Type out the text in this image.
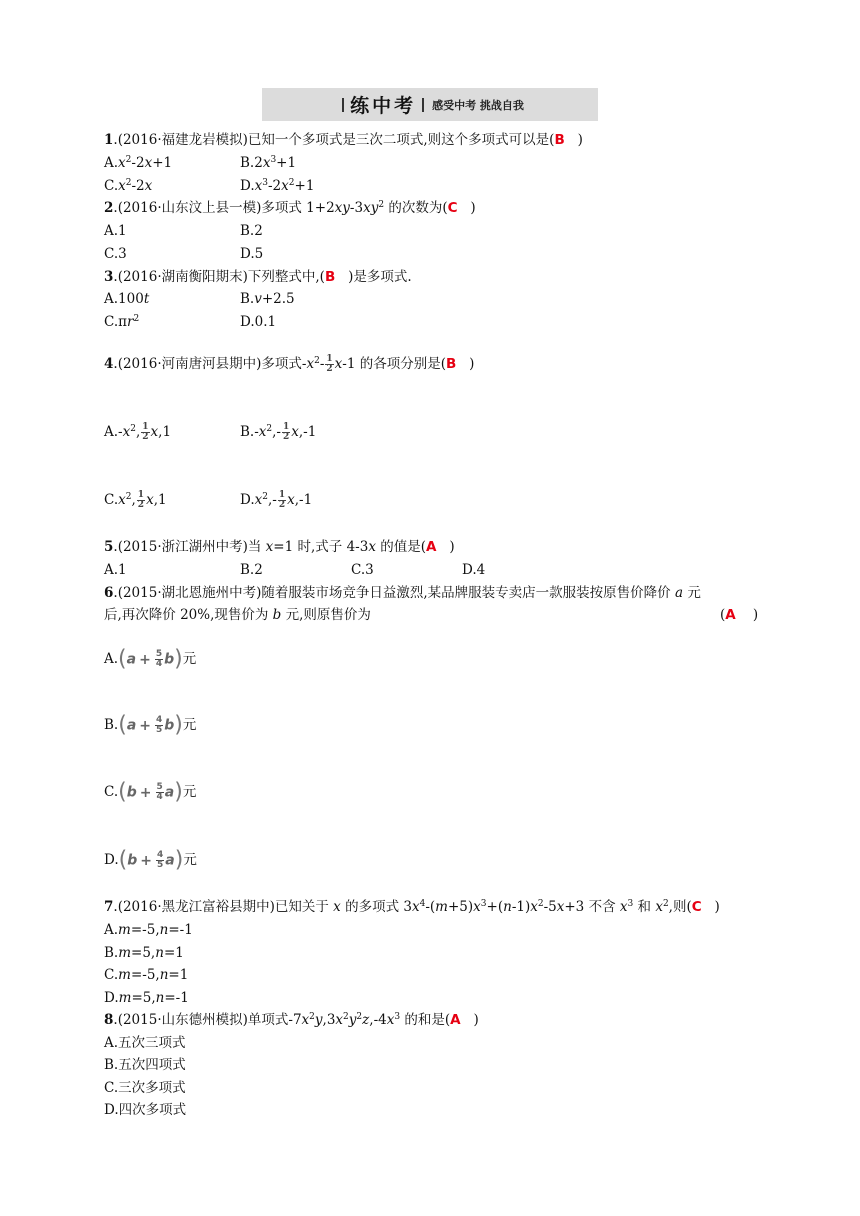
练中考 感受中考 挑战自我
1.(2016·福建龙岩模拟)已知一个多项式是三次二项式,则这个多项式可以是(B )
$A.x^2-2x+1$	$B.2x^3+1$
$C.x^2-2x$	$D.x^3-2x^2+1$
2.(2016·山东汶上县一模)多项式 $1+2xy-3xy^2$ 的次数为(C )
A.1	B.2
C.3	D.5
3.(2016·湖南衡阳期末)下列整式中,(B )是多项式.
A.100t	B.v+2.5
$C.\pi r^2$	D.0.1
4.(2016·河南唐河县期中)多项式$-x^2- \frac{1}{2} x-1$ 的各项分别是(B )
$A.-x^2$, $\frac{1}{2} x,1$	$B.-x^2,- \frac{1}{2} x,-1$
$C.x^2$, $\frac{1}{2} x,1$	$D.x^2,- \frac{1}{2} x,-1$
5.(2015·浙江湖州中考)当 x=1 时,式子 4-3x 的值是(A )
A.1	B.2	C.3	D.4
6.(2015·湖北恩施州中考)随着服装市场竞争日益激烈,某品牌服装专卖店一款服装按原售价降价 a 元
后,再次降价 20%,现售价为 b 元,则原售价为	(A    )
$A.(a + \frac{5}{4} b)$元
$B.(a + \frac{4}{5} b)$元
$C.(b + \frac{5}{4} a)$元
$D.(b + \frac{4}{5} a)$元
7.(2016·黑龙江富裕县期中)已知关于 x 的多项式 $3x^4-(m+5)x^3+(n-1)x^2-5x+3$ 不含 $x^3$ 和 $x^2$,则(C )
A.m=-5,n=-1
B.m=5,n=1
C.m=-5,n=1
D.m=5,n=-1
8.(2015·山东德州模拟)单项式$-7x^2y,3x^2y^2z,-4x^3$ 的和是(A )
A.五次三项式
B.五次四项式
C.三次多项式
D.四次多项式
